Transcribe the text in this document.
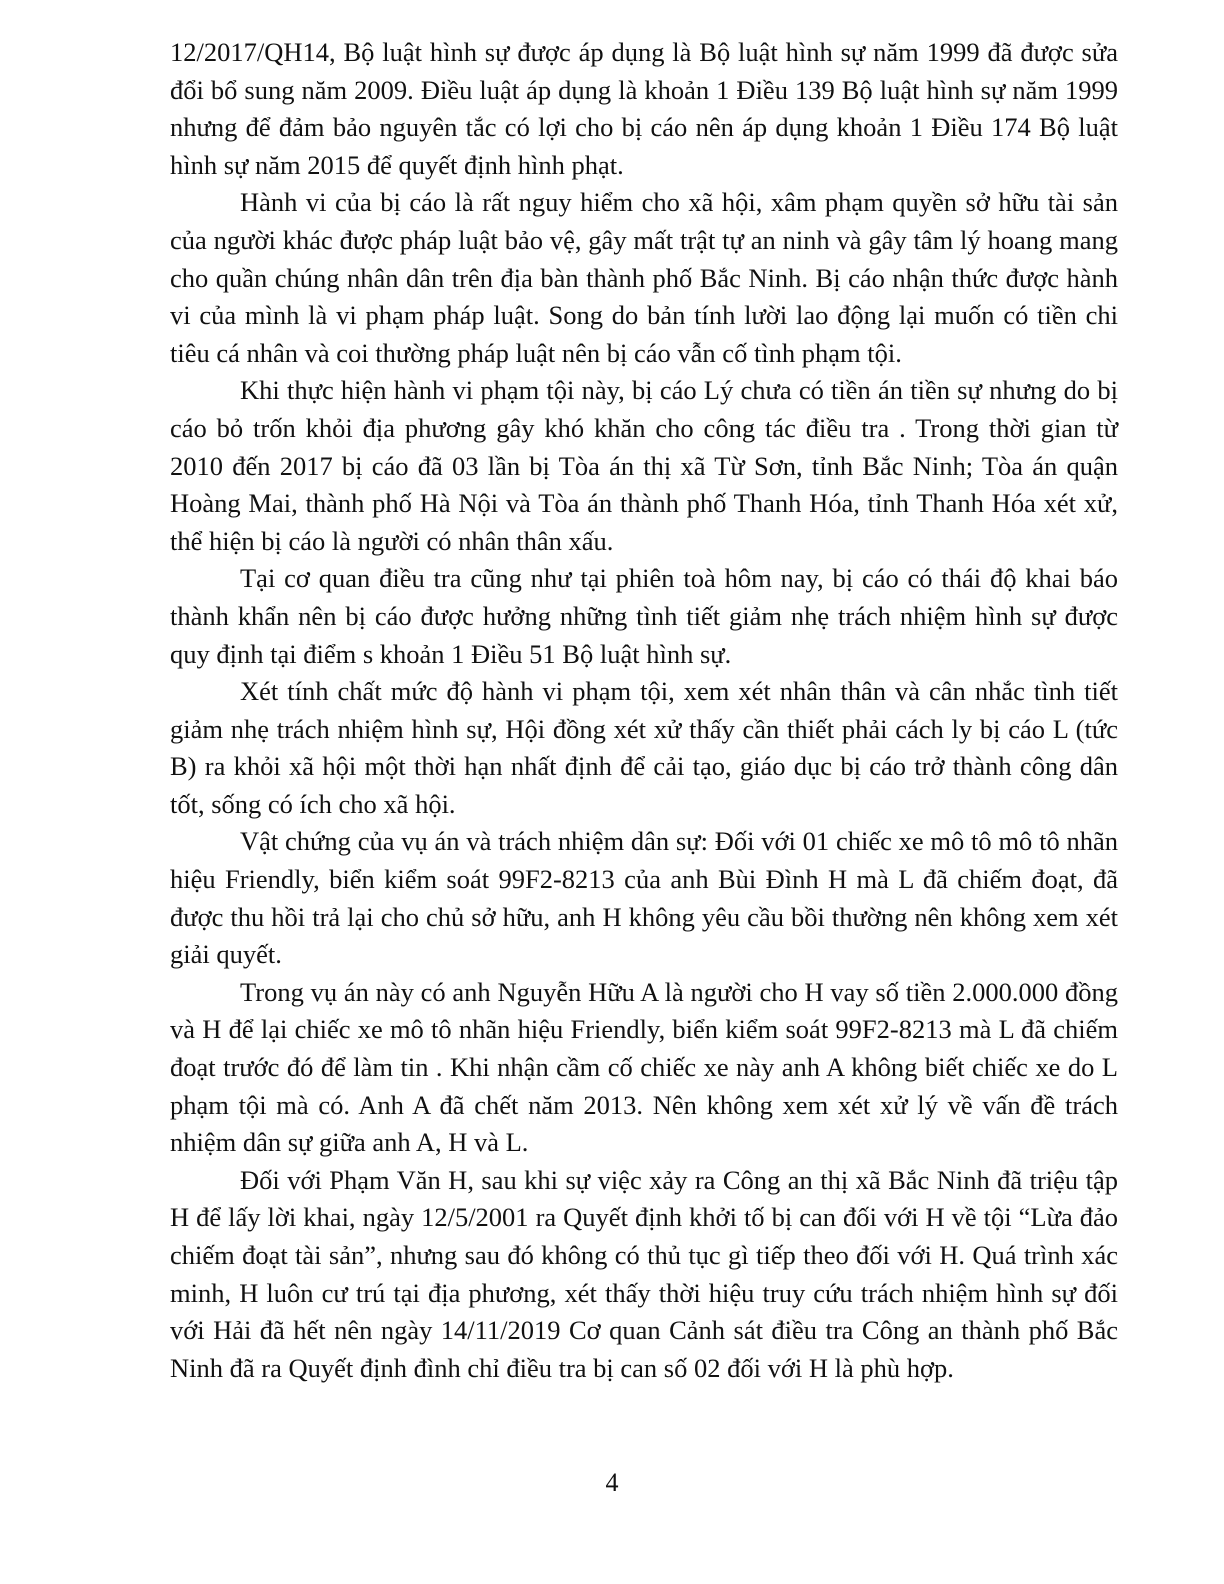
12/2017/QH14, Bộ luật hình sự được áp dụng là Bộ luật hình sự năm 1999 đã được sửa đổi bổ sung năm 2009. Điều luật áp dụng là khoản 1 Điều 139 Bộ luật hình sự năm 1999 nhưng để đảm bảo nguyên tắc có lợi cho bị cáo nên áp dụng khoản 1 Điều 174 Bộ luật hình sự năm 2015 để quyết định hình phạt.

Hành vi của bị cáo là rất nguy hiểm cho xã hội, xâm phạm quyền sở hữu tài sản của người khác được pháp luật bảo vệ, gây mất trật tự an ninh và gây tâm lý hoang mang cho quần chúng nhân dân trên địa bàn thành phố Bắc Ninh. Bị cáo nhận thức được hành vi của mình là vi phạm pháp luật. Song do bản tính lười lao động lại muốn có tiền chi tiêu cá nhân và coi thường pháp luật nên bị cáo vẫn cố tình phạm tội.

Khi thực hiện hành vi phạm tội này, bị cáo Lý chưa có tiền án tiền sự nhưng do bị cáo bỏ trốn khỏi địa phương gây khó khăn cho công tác điều tra . Trong thời gian từ 2010 đến 2017 bị cáo đã 03 lần bị Tòa án thị xã Từ Sơn, tỉnh Bắc Ninh; Tòa án quận Hoàng Mai, thành phố Hà Nội và Tòa án thành phố Thanh Hóa, tỉnh Thanh Hóa xét xử, thể hiện bị cáo là người có nhân thân xấu.

Tại cơ quan điều tra cũng như tại phiên toà hôm nay, bị cáo có thái độ khai báo thành khẩn nên bị cáo được hưởng những tình tiết giảm nhẹ trách nhiệm hình sự được quy định tại điểm s khoản 1 Điều 51 Bộ luật hình sự.

Xét tính chất mức độ hành vi phạm tội, xem xét nhân thân và cân nhắc tình tiết giảm nhẹ trách nhiệm hình sự, Hội đồng xét xử thấy cần thiết phải cách ly bị cáo L (tức B) ra khỏi xã hội một thời hạn nhất định để cải tạo, giáo dục bị cáo trở thành công dân tốt, sống có ích cho xã hội.

Vật chứng của vụ án và trách nhiệm dân sự: Đối với 01 chiếc xe mô tô mô tô nhãn hiệu Friendly, biển kiểm soát 99F2-8213 của anh Bùi Đình H mà L đã chiếm đoạt, đã được thu hồi trả lại cho chủ sở hữu, anh H không yêu cầu bồi thường nên không xem xét giải quyết.

Trong vụ án này có anh Nguyễn Hữu A là người cho H vay số tiền 2.000.000 đồng và H để lại chiếc xe mô tô nhãn hiệu Friendly, biển kiểm soát 99F2-8213 mà L đã chiếm đoạt trước đó để làm tin . Khi nhận cầm cố chiếc xe này anh A không biết chiếc xe do L phạm tội mà có. Anh A đã chết năm 2013. Nên không xem xét xử lý về vấn đề trách nhiệm dân sự giữa anh A, H và L.

Đối với Phạm Văn H, sau khi sự việc xảy ra Công an thị xã Bắc Ninh đã triệu tập H để lấy lời khai, ngày 12/5/2001 ra Quyết định khởi tố bị can đối với H về tội “Lừa đảo chiếm đoạt tài sản”, nhưng sau đó không có thủ tục gì tiếp theo đối với H. Quá trình xác minh, H luôn cư trú tại địa phương, xét thấy thời hiệu truy cứu trách nhiệm hình sự đối với Hải đã hết nên ngày 14/11/2019 Cơ quan Cảnh sát điều tra Công an thành phố Bắc Ninh đã ra Quyết định đình chỉ điều tra bị can số 02 đối với H là phù hợp.

4
